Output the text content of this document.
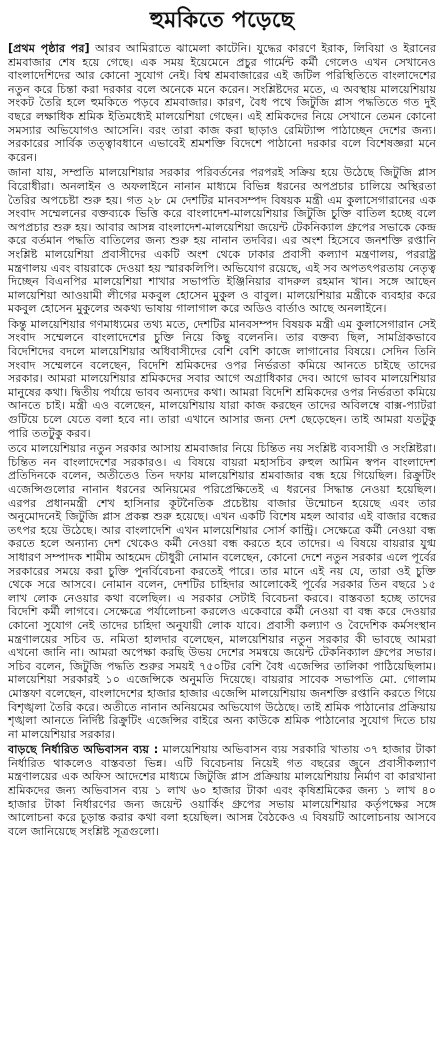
হুমকিতে পড়েছে

[প্রথম পৃষ্ঠার পর] আরব আমিরাতে ঝামেলা কাটেনি। যুদ্ধের কারণে ইরাক, লিবিয়া ও ইরানের শ্রমবাজার শেষ হয়ে গেছে। এক সময় ইয়েমেনে প্রচুর গার্মেন্ট কর্মী গেলেও এখন সেখানেও বাংলাদেশিদের আর কোনো সুযোগ নেই। বিশ্ব শ্রমবাজারের এই জটিল পরিস্থিতিতে বাংলাদেশের নতুন করে চিন্তা করা দরকার বলে অনেকে মনে করেন। সংশ্লিষ্টদের মতে, এ অবস্থায় মালয়েশিয়ায় সংকট তৈরি হলে হুমকিতে পড়বে শ্রমবাজার। কারণ, বৈধ পথে জিটুজি প্লাস পদ্ধতিতে গত দুই বছরে লক্ষাধিক শ্রমিক ইতিমধ্যেই মালয়েশিয়া গেছেন। এই শ্রমিকদের নিয়ে সেখানে তেমন কোনো সমস্যার অভিযোগও আসেনি। বরং তারা কাজ করা ছাড়াও রেমিট্যান্স পাঠাচ্ছেন দেশের জন্য। সরকারের সার্বিক তত্ত্বাবধানে এভাবেই শ্রমশক্তি বিদেশে পাঠানো দরকার বলে বিশেষজ্ঞরা মনে করেন।

জানা যায়, সম্প্রতি মালয়েশিয়ার সরকার পরিবর্তনের পরপরই সক্রিয় হয়ে উঠেছে জিটুজি প্লাস বিরোধীরা। অনলাইন ও অফলাইনে নানান মাধ্যমে বিভিন্ন ধরনের অপপ্রচার চালিয়ে অস্থিরতা তৈরির অপচেষ্টা শুরু হয়। গত ২৮ মে দেশটির মানবসম্পদ বিষয়ক মন্ত্রী এম কুলাসেগারানের এক সংবাদ সম্মেলনের বক্তব্যকে ভিত্তি করে বাংলাদেশ-মালয়েশিয়ার জিটুজি চুক্তি বাতিল হচ্ছে বলে অপপ্রচার শুরু হয়। আবার আসন্ন বাংলাদেশ-মালয়েশিয়া জয়েন্ট টেকনিক্যাল গ্রুপের সভাকে কেন্দ্র করে বর্তমান পদ্ধতি বাতিলের জন্য শুরু হয় নানান তদবির। এর অংশ হিসেবে জনশক্তি রপ্তানি সংশ্লিষ্ট মালয়েশিয়া প্রবাসীদের একটি অংশ থেকে ঢাকার প্রবাসী কল্যাণ মন্ত্রণালয়, পররাষ্ট্র মন্ত্রণালয় এবং বায়রাকে দেওয়া হয় স্মারকলিপি। অভিযোগ রয়েছে, এই সব অপতৎপরতায় নেতৃত্ব দিচ্ছেন বিএনপির মালয়েশিয়া শাখার সভাপতি ইঞ্জিনিয়ার বাদরুল রহমান খান। সঙ্গে আছেন মালয়েশিয়া আওয়ামী লীগের মকবুল হোসেন মুকুল ও বাবুল। মালয়েশিয়ার মন্ত্রীকে ব্যবহার করে মকবুল হোসেন মুকুলের অকথ্য ভাষায় গালাগাল করে অডিও বার্তাও আছে অনলাইনে।

কিন্তু মালয়েশিয়ার গণমাধ্যমের তথ্য মতে, দেশটির মানবসম্পদ বিষয়ক মন্ত্রী এম কুলাসেগারান সেই সংবাদ সম্মেলনে বাংলাদেশের চুক্তি নিয়ে কিছু বলেননি। তার বক্তব্য ছিল, সামগ্রিকভাবে বিদেশিদের বদলে মালয়েশিয়ার অধিবাসীদের বেশি বেশি কাজে লাগানোর বিষয়ে। সেদিন তিনি সংবাদ সম্মেলনে বলেছেন, বিদেশি শ্রমিকদের ওপর নির্ভরতা কমিয়ে আনতে চাইছে তাদের সরকার। আমরা মালয়েশিয়ার শ্রমিকদের সবার আগে অগ্রাধিকার দেব। আগে ভাবব মালয়েশিয়ার মানুষের কথা। দ্বিতীয় পর্যায়ে ভাবব অন্যদের কথা। আমরা বিদেশি শ্রমিকদের ওপর নির্ভরতা কমিয়ে আনতে চাই। মন্ত্রী এও বলেছেন, মালয়েশিয়ায় যারা কাজ করছেন তাদের অবিলম্বে বাক্স-প্যাটরা গুটিয়ে চলে যেতে বলা হবে না। তারা এখানে আসার জন্য দেশ ছেড়েছেন। তাই আমরা যতটুকু পারি ততটুকু করব।

তবে মালয়েশিয়ার নতুন সরকার আসায় শ্রমবাজার নিয়ে চিন্তিত নয় সংশ্লিষ্ট ব্যবসায়ী ও সংশ্লিষ্টরা। চিন্তিত নন বাংলাদেশের সরকারও। এ বিষয়ে বায়রা মহাসচিব রুহুল আমিন স্বপন বাংলাদেশ প্রতিদিনকে বলেন, অতীতেও তিন দফায় মালয়েশিয়ার শ্রমবাজার বন্ধ হয়ে গিয়েছিল। রিক্রুটিং এজেন্সিগুলোর নানান ধরনের অনিয়মের পরিপ্রেক্ষিতেই এ ধরনের সিদ্ধান্ত নেওয়া হয়েছিল। এরপর প্রধানমন্ত্রী শেখ হাসিনার কূটনৈতিক প্রচেষ্টায় বাজার উন্মোচন হয়েছে এবং তার অনুমোদনেই জিটুজি প্লাস প্রকল্প শুরু হয়েছে। এখন একটি বিশেষ মহল আবার এই বাজার বন্ধের তৎপর হয়ে উঠেছে। আর বাংলাদেশি এখন মালয়েশিয়ার সোর্স কান্ট্রি। সেক্ষেত্রে কর্মী নেওয়া বন্ধ করতে হলে অন্যান্য দেশ থেকেও কর্মী নেওয়া বন্ধ করতে হবে তাদের। এ বিষয়ে বায়রার যুগ্ম সাধারণ সম্পাদক শামীম আহমেদ চৌধুরী নোমান বলেছেন, কোনো দেশে নতুন সরকার এলে পূর্বের সরকারের সময়ে করা চুক্তি পুনর্বিবেচনা করতেই পারে। তার মানে এই নয় যে, তারা ওই চুক্তি থেকে সরে আসবে। নোমান বলেন, দেশটির চাহিদার আলোকেই পূর্বের সরকার তিন বছরে ১৫ লাখ লোক নেওয়ার কথা বলেছিল। এ সরকার সেটাই বিবেচনা করবে। বাস্তবতা হচ্ছে তাদের বিদেশি কর্মী লাগবে। সেক্ষেত্রে পর্যালোচনা করলেও একেবারে কর্মী নেওয়া বা বন্ধ করে দেওয়ার কোনো সুযোগ নেই তাদের চাহিদা অনুযায়ী লোক যাবে। প্রবাসী কল্যাণ ও বৈদেশিক কর্মসংস্থান মন্ত্রণালয়ের সচিব ড. নমিতা হালদার বলেছেন, মালয়েশিয়ার নতুন সরকার কী ভাবছে আমরা এখনো জানি না। আমরা অপেক্ষা করছি উভয় দেশের সমন্বয়ে জয়েন্ট টেকনিক্যাল গ্রুপের সভার। সচিব বলেন, জিটুজি পদ্ধতি শুরুর সময়ই ৭৫০টির বেশি বৈধ এজেন্সির তালিকা পাঠিয়েছিলাম। মালয়েশিয়া সরকারই ১০ এজেন্সিকে অনুমতি দিয়েছে। বায়রার সাবেক সভাপতি মো. গোলাম মোস্তফা বলেছেন, বাংলাদেশের হাজার হাজার এজেন্সি মালয়েশিয়ায় জনশক্তি রপ্তানি করতে গিয়ে বিশৃঙ্খলা তৈরি করে। অতীতে নানান অনিয়মের অভিযোগ উঠেছে। তাই শ্রমিক পাঠানোর প্রক্রিয়ায় শৃঙ্খলা আনতে নির্দিষ্ট রিক্রুটিং এজেন্সির বাইরে অন্য কাউকে শ্রমিক পাঠানোর সুযোগ দিতে চায় না মালয়েশিয়ার সরকার।

বাড়ছে নির্ধারিত অভিবাসন ব্যয় : মালয়েশিয়ায় অভিবাসন ব্যয় সরকারি খাতায় ৩৭ হাজার টাকা নির্ধারিত থাকলেও বাস্তবতা ভিন্ন। এটি বিবেচনায় নিয়েই গত বছরের জুনে প্রবাসীকল্যাণ মন্ত্রণালয়ের এক অফিস আদেশের মাধ্যমে জিটুজি প্লাস প্রক্রিয়ায় মালয়েশিয়ায় নির্মাণ বা কারখানা শ্রমিকদের জন্য অভিবাসন ব্যয় ১ লাখ ৬০ হাজার টাকা এবং কৃষিশ্রমিকের জন্য ১ লাখ ৪০ হাজার টাকা নির্ধারণের জন্য জয়েন্ট ওয়ার্কিং গ্রুপের সভায় মালয়েশিয়ার কর্তৃপক্ষের সঙ্গে আলোচনা করে চূড়ান্ত করার কথা বলা হয়েছিল। আসন্ন বৈঠকেও এ বিষয়টি আলোচনায় আসবে বলে জানিয়েছে সংশ্লিষ্ট সূত্রগুলো।
